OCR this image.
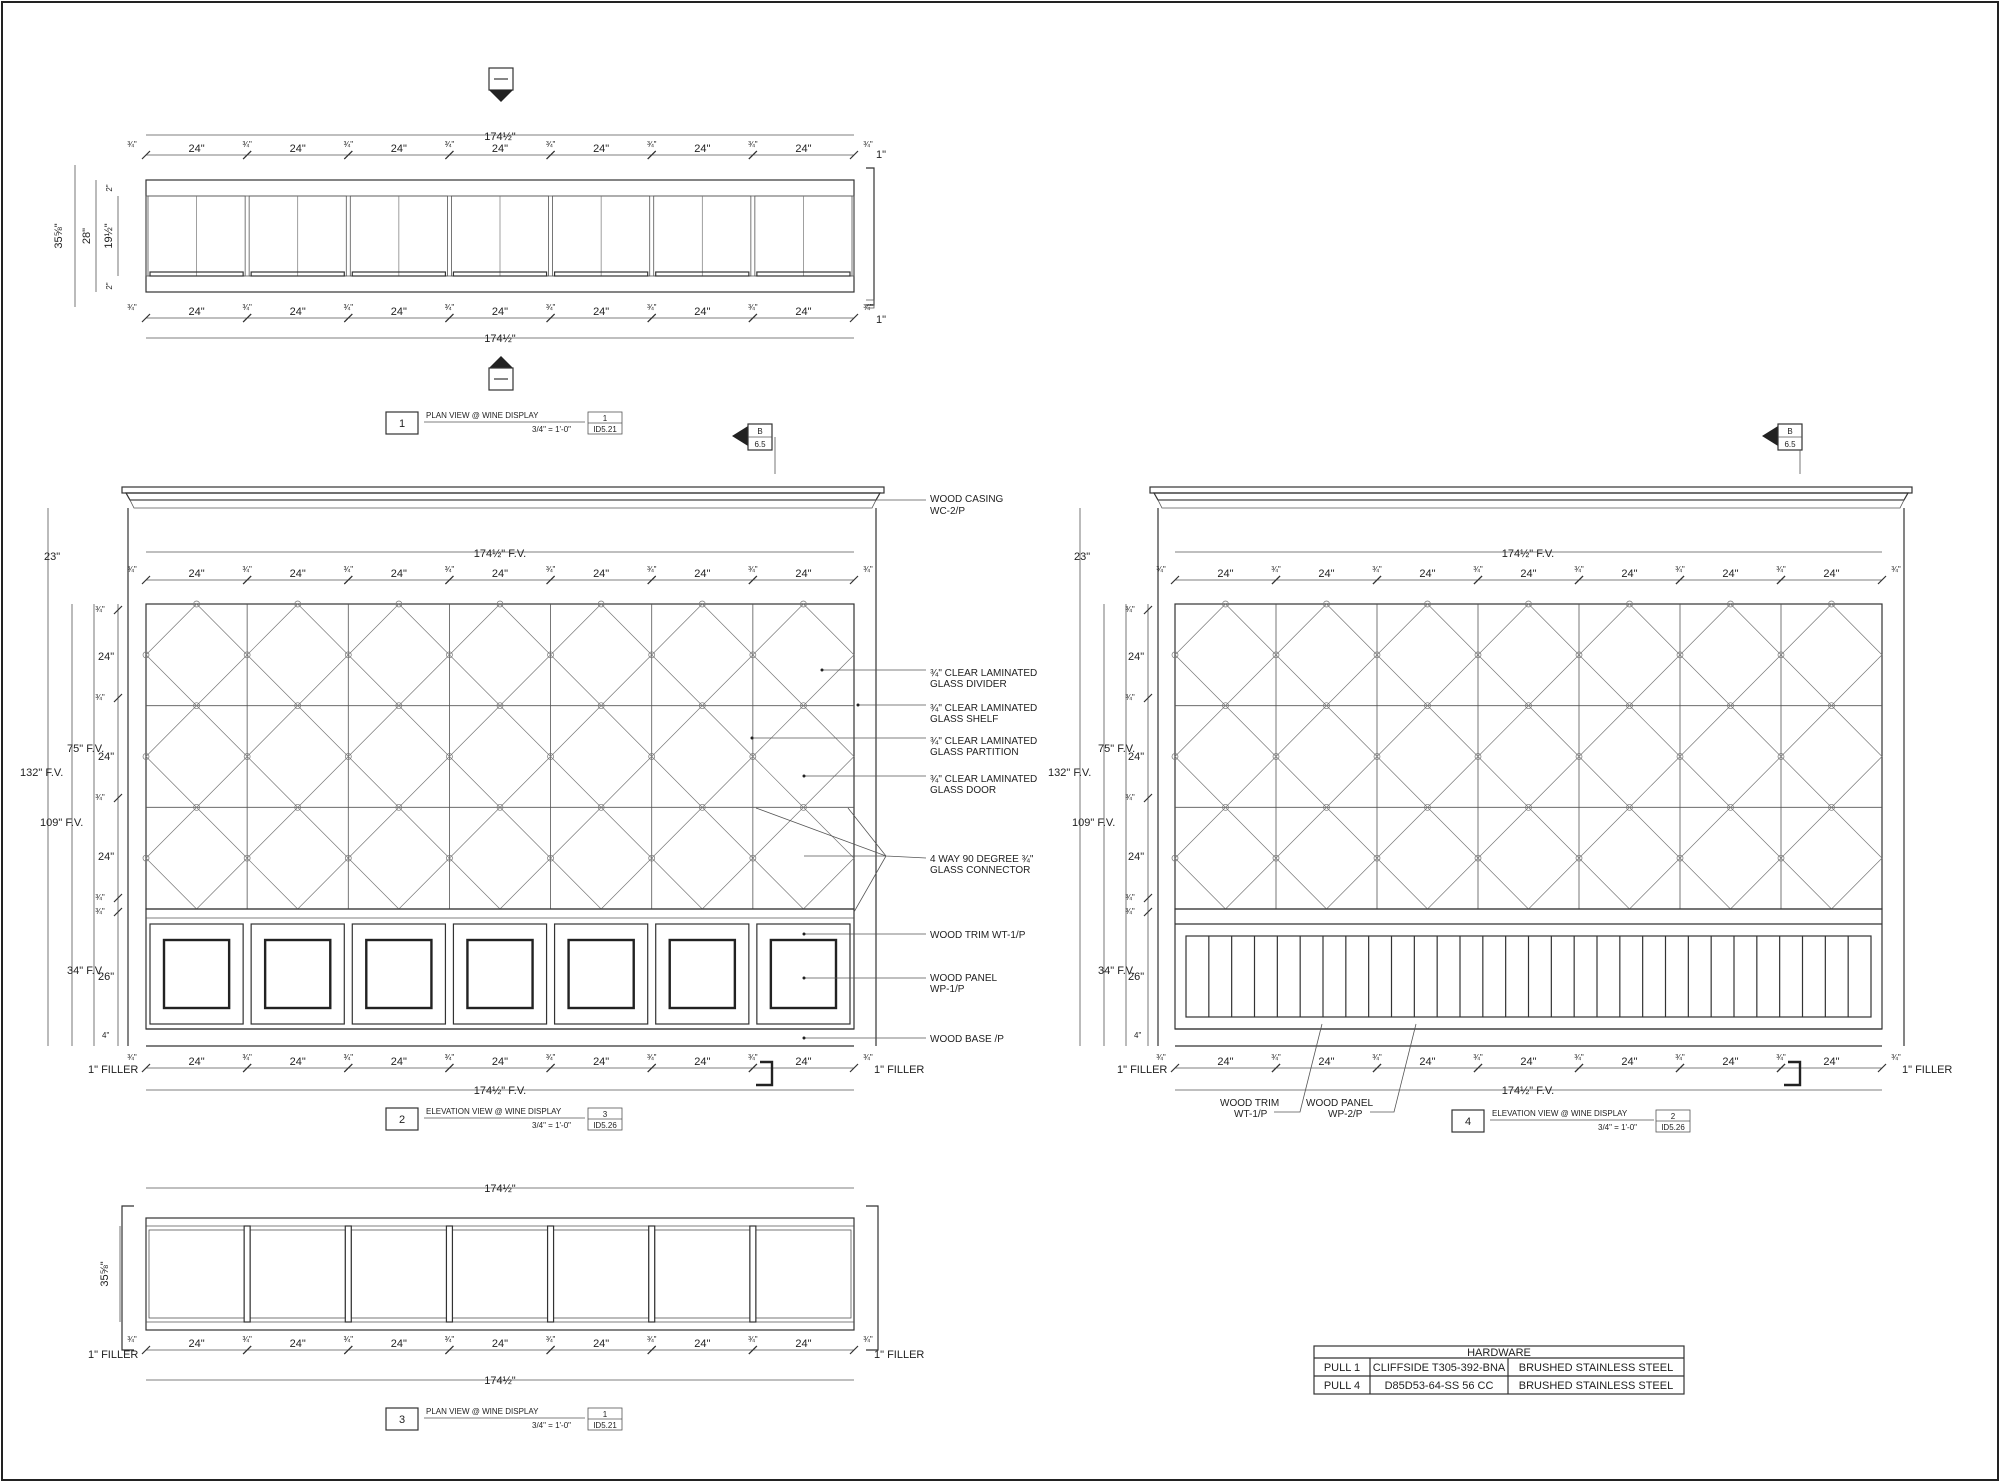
174½"
24"	24"
¾"	24"
¾"	24"
¾"	24"
¾"	24"
¾"	24"
¾"
¾"	¾"
1"
35⅝" 28" 19½"
2"
2"
24"	24"
¾"	24"
¾"	24"
¾"	24"
¾"	24"
¾"	24"
¾"
¾"	¾"
174½"
1"
1
PLAN VIEW @ WINE DISPLAY
3/4" = 1'-0"
1
ID5.21	B
6.5
174½" F.V.
24"	24"
¾"	24"
¾"	24"
¾"	24"
¾"	24"
¾"	24"
¾"
¾"	¾"
23"
132" F.V.
109" F.V.
75" F.V.
34" F.V.
24"
24"
24"
26"
4"
¾"
¾"
¾"
¾"
¾"
1" FILLER	1" FILLER
24"	24"
¾"	24"
¾"	24"
¾"	24"
¾"	24"
¾"	24"
¾"
¾"	¾"
174½" F.V.
WOOD CASING
WC-2/P
¾" CLEAR LAMINATED
GLASS DIVIDER
¾" CLEAR LAMINATED
GLASS SHELF
¾" CLEAR LAMINATED
GLASS PARTITION
¾" CLEAR LAMINATED
GLASS DOOR
4 WAY 90 DEGREE ¾"
GLASS CONNECTOR
WOOD TRIM WT-1/P
WOOD PANEL
WP-1/P
WOOD BASE /P
2
ELEVATION VIEW @ WINE DISPLAY
3/4" = 1'-0"
3
ID5.26
B
6.5
174½" F.V.
24"	24"
¾"	24"
¾"	24"
¾"	24"
¾"	24"
¾"	24"
¾"
¾"	¾"
23"
132" F.V.
109" F.V.
75" F.V.
34" F.V.
24"
24"
24"
26"
4"
¾"
¾"
¾"
¾"
¾"
1" FILLER	1" FILLER
24"	24"
¾"	24"
¾"	24"
¾"	24"
¾"	24"
¾"	24"
¾"
¾"	¾"
174½" F.V.
WOOD TRIM
WT-1/P
WOOD PANEL
WP-2/P
4
ELEVATION VIEW @ WINE DISPLAY
3/4" = 1'-0"
2
ID5.26
174½"
35⅝"
1" FILLER	1" FILLER
24"	24"
¾"	24"
¾"	24"
¾"	24"
¾"	24"
¾"	24"
¾"
¾"	¾"
174½"
3
PLAN VIEW @ WINE DISPLAY
3/4" = 1'-0"
1
ID5.21
HARDWARE
PULL 1 CLIFFSIDE T305-392-BNA BRUSHED STAINLESS STEEL
PULL 4 D85D53-64-SS 56 CC BRUSHED STAINLESS STEEL
